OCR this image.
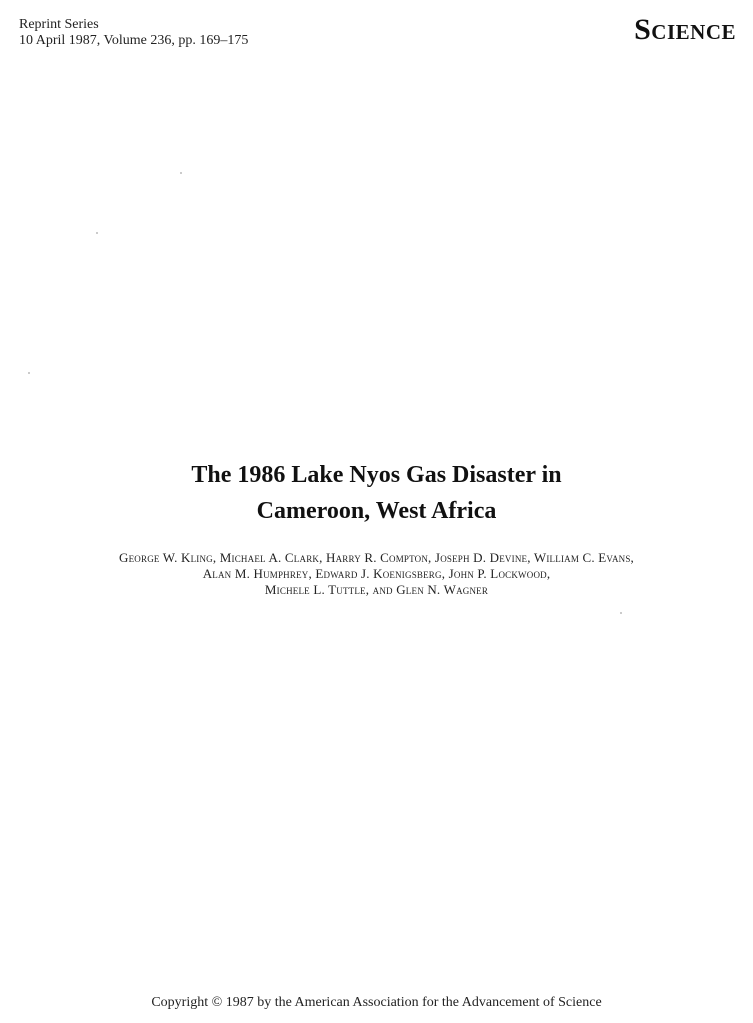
Reprint Series
10 April 1987, Volume 236, pp. 169–175	Science
The 1986 Lake Nyos Gas Disaster in
Cameroon, West Africa
George W. Kling, Michael A. Clark, Harry R. Compton, Joseph D. Devine, William C. Evans,
Alan M. Humphrey, Edward J. Koenigsberg, John P. Lockwood,
Michele L. Tuttle, and Glen N. Wagner
Copyright © 1987 by the American Association for the Advancement of Science
